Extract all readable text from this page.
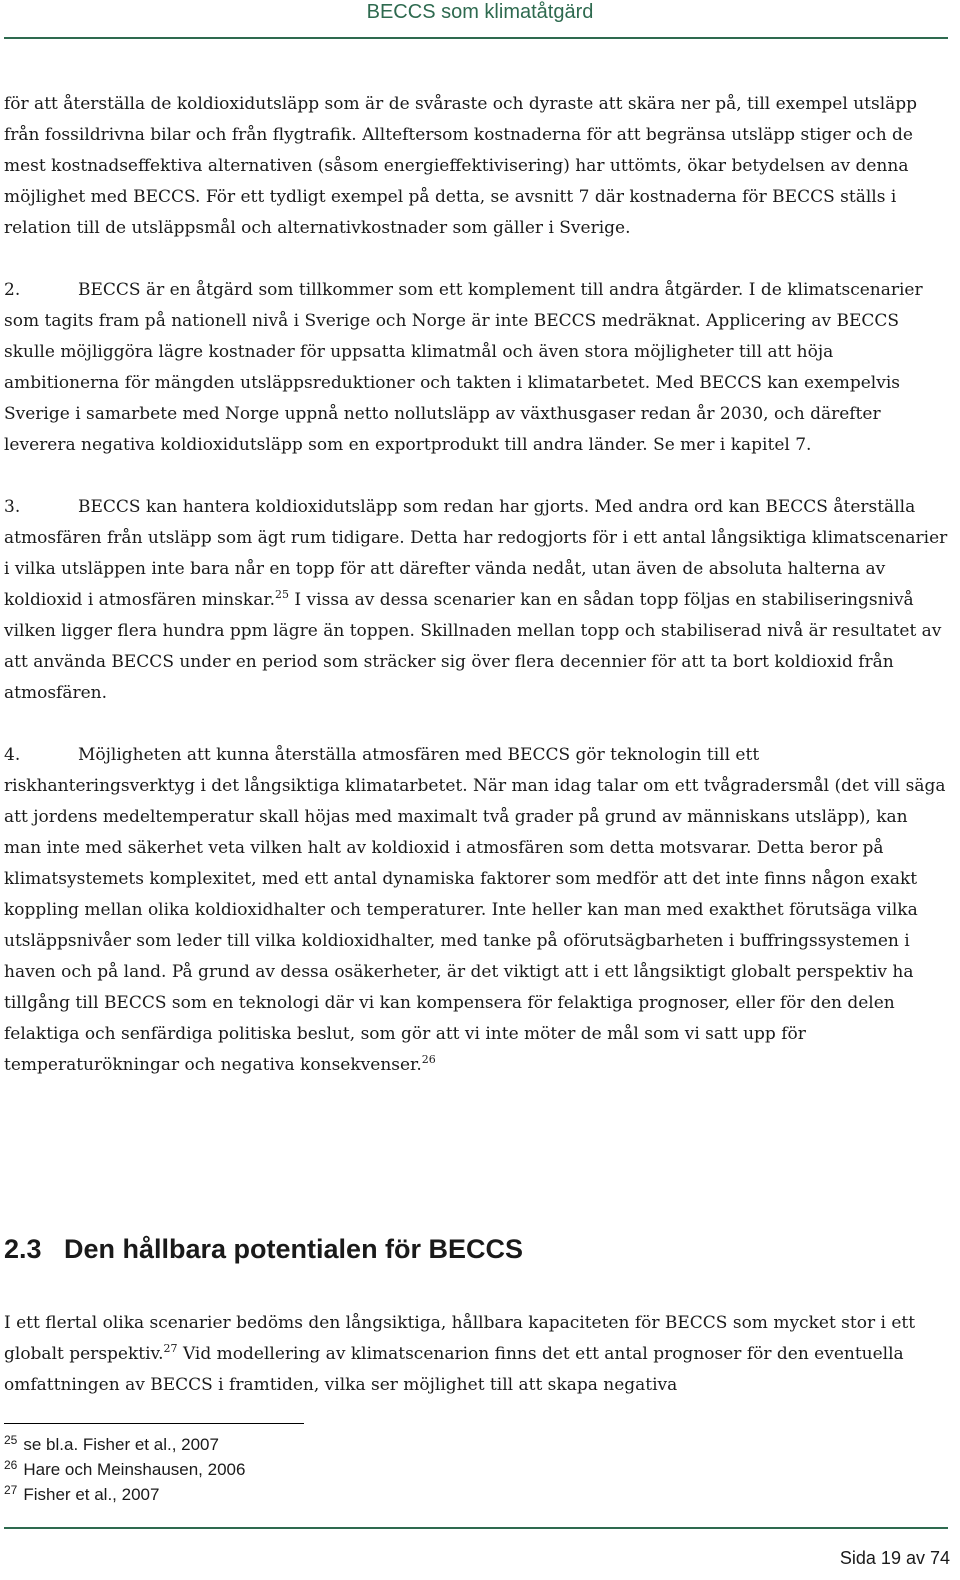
BECCS som klimatåtgärd

för att återställa de koldioxidutsläpp som är de svåraste och dyraste att skära ner på, till exempel utsläpp från fossildrivna bilar och från flygtrafik. Allteftersom kostnaderna för att begränsa utsläpp stiger och de mest kostnadseffektiva alternativen (såsom energieffektivisering) har uttömts, ökar betydelsen av denna möjlighet med BECCS. För ett tydligt exempel på detta, se avsnitt 7 där kostnaderna för BECCS ställs i relation till de utsläppsmål och alternativkostnader som gäller i Sverige.

2.	BECCS är en åtgärd som tillkommer som ett komplement till andra åtgärder. I de klimatscenarier som tagits fram på nationell nivå i Sverige och Norge är inte BECCS medräknat. Applicering av BECCS skulle möjliggöra lägre kostnader för uppsatta klimatmål och även stora möjligheter till att höja ambitionerna för mängden utsläppsreduktioner och takten i klimatarbetet. Med BECCS kan exempelvis Sverige i samarbete med Norge uppnå netto nollutsläpp av växthusgaser redan år 2030, och därefter leverera negativa koldioxidutsläpp som en exportprodukt till andra länder. Se mer i kapitel 7.

3.	BECCS kan hantera koldioxidutsläpp som redan har gjorts. Med andra ord kan BECCS återställa atmosfären från utsläpp som ägt rum tidigare. Detta har redogjorts för i ett antal långsiktiga klimatscenarier i vilka utsläppen inte bara når en topp för att därefter vända nedåt, utan även de absoluta halterna av koldioxid i atmosfären minskar.$^{25}$ I vissa av dessa scenarier kan en sådan topp följas en stabiliseringsnivå vilken ligger flera hundra ppm lägre än toppen. Skillnaden mellan topp och stabiliserad nivå är resultatet av att använda BECCS under en period som sträcker sig över flera decennier för att ta bort koldioxid från atmosfären.

4.	Möjligheten att kunna återställa atmosfären med BECCS gör teknologin till ett riskhanteringsverktyg i det långsiktiga klimatarbetet. När man idag talar om ett tvågradersmål (det vill säga att jordens medeltemperatur skall höjas med maximalt två grader på grund av människans utsläpp), kan man inte med säkerhet veta vilken halt av koldioxid i atmosfären som detta motsvarar. Detta beror på klimatsystemets komplexitet, med ett antal dynamiska faktorer som medför att det inte finns någon exakt koppling mellan olika koldioxidhalter och temperaturer. Inte heller kan man med exakthet förutsäga vilka utsläppsnivåer som leder till vilka koldioxidhalter, med tanke på oförutsägbarheten i buffringssystemen i haven och på land. På grund av dessa osäkerheter, är det viktigt att i ett långsiktigt globalt perspektiv ha tillgång till BECCS som en teknologi där vi kan kompensera för felaktiga prognoser, eller för den delen felaktiga och senfärdiga politiska beslut, som gör att vi inte möter de mål som vi satt upp för temperaturökningar och negativa konsekvenser.$^{26}$

2.3 Den hållbara potentialen för BECCS

I ett flertal olika scenarier bedöms den långsiktiga, hållbara kapaciteten för BECCS som mycket stor i ett globalt perspektiv.$^{27}$ Vid modellering av klimatscenarion finns det ett antal prognoser för den eventuella omfattningen av BECCS i framtiden, vilka ser möjlighet till att skapa negativa

$^{25}$ se bl.a. Fisher et al., 2007
$^{26}$ Hare och Meinshausen, 2006
$^{27}$ Fisher et al., 2007
Sida 19 av 74
